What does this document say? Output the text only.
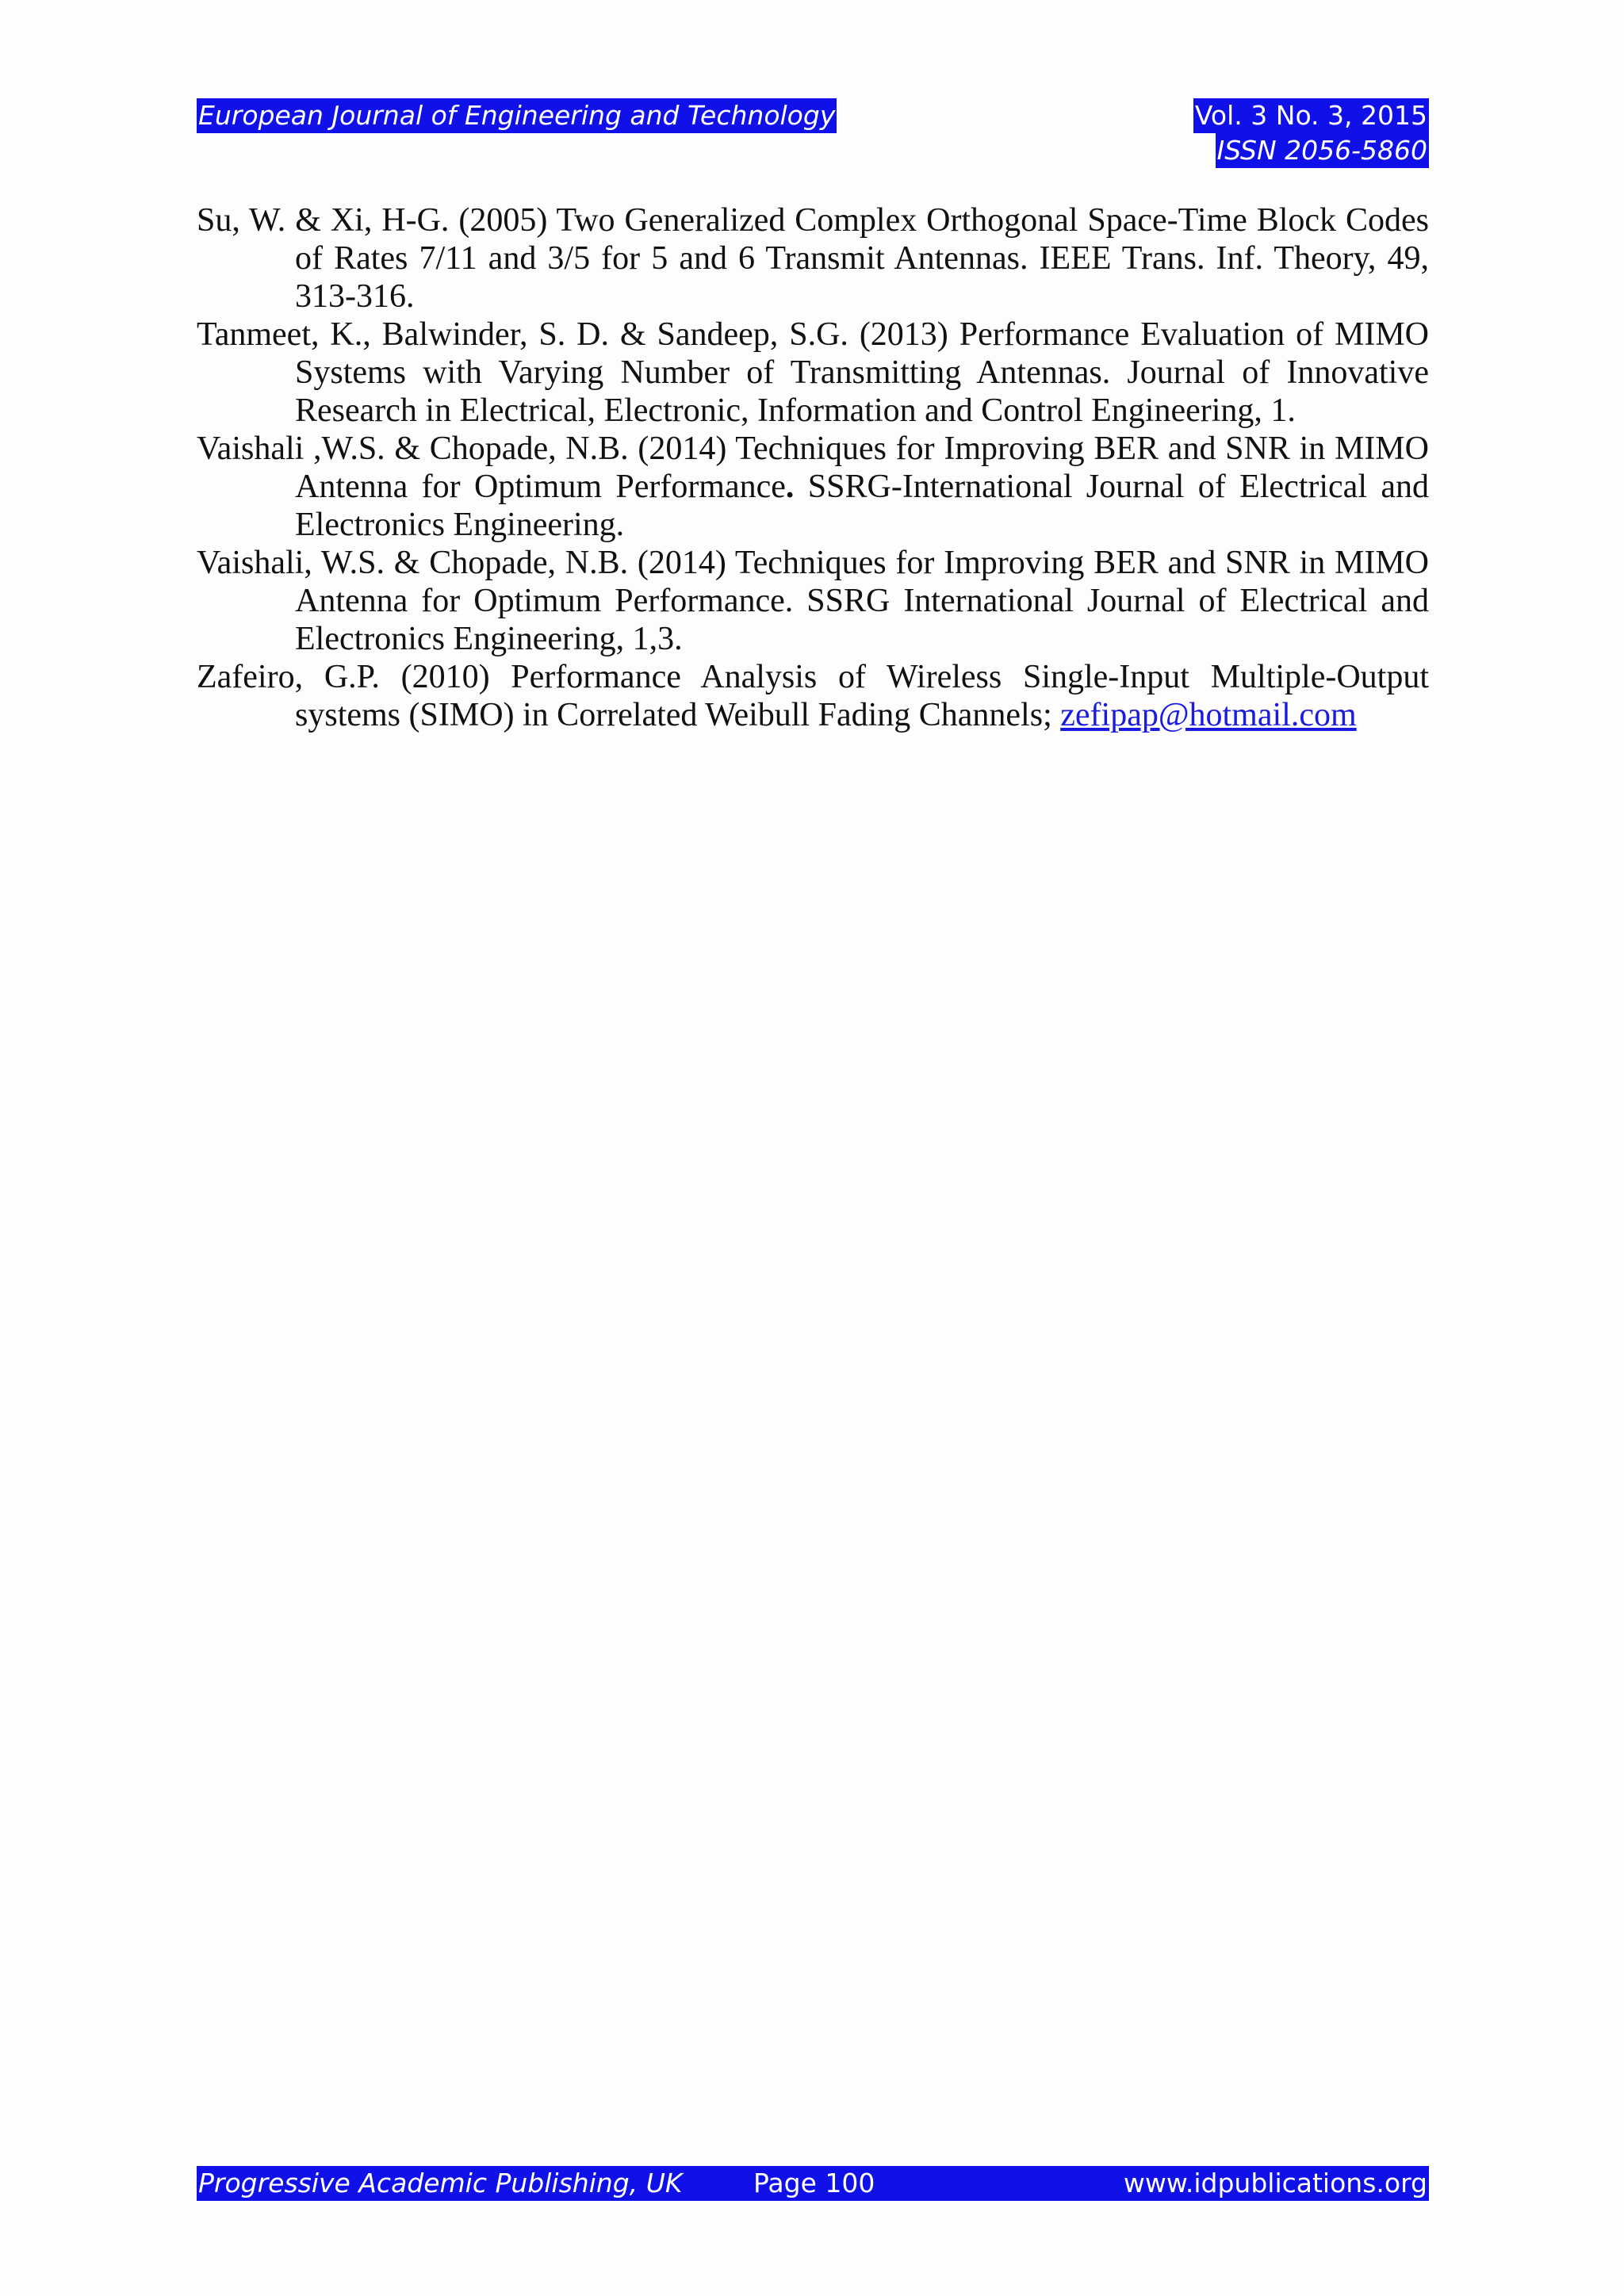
European Journal of Engineering and Technology	Vol. 3 No. 3, 2015
ISSN 2056-5860
Su, W. & Xi, H-G. (2005) Two Generalized Complex Orthogonal Space-Time Block Codes of Rates 7/11 and 3/5 for 5 and 6 Transmit Antennas. IEEE Trans. Inf. Theory, 49, 313-316.
Tanmeet, K., Balwinder, S. D. & Sandeep, S.G. (2013) Performance Evaluation of MIMO Systems with Varying Number of Transmitting Antennas. Journal of Innovative Research in Electrical, Electronic, Information and Control Engineering, 1.
Vaishali ,W.S. & Chopade, N.B. (2014) Techniques for Improving BER and SNR in MIMO Antenna for Optimum Performance. SSRG-International Journal of Electrical and Electronics Engineering.
Vaishali, W.S. & Chopade, N.B. (2014) Techniques for Improving BER and SNR in MIMO Antenna for Optimum Performance. SSRG International Journal of Electrical and Electronics Engineering, 1,3.
Zafeiro, G.P. (2010) Performance Analysis of Wireless Single-Input Multiple-Output systems (SIMO) in Correlated Weibull Fading Channels; zefipap@hotmail.com
Progressive Academic Publishing, UK	Page 100	www.idpublications.org
